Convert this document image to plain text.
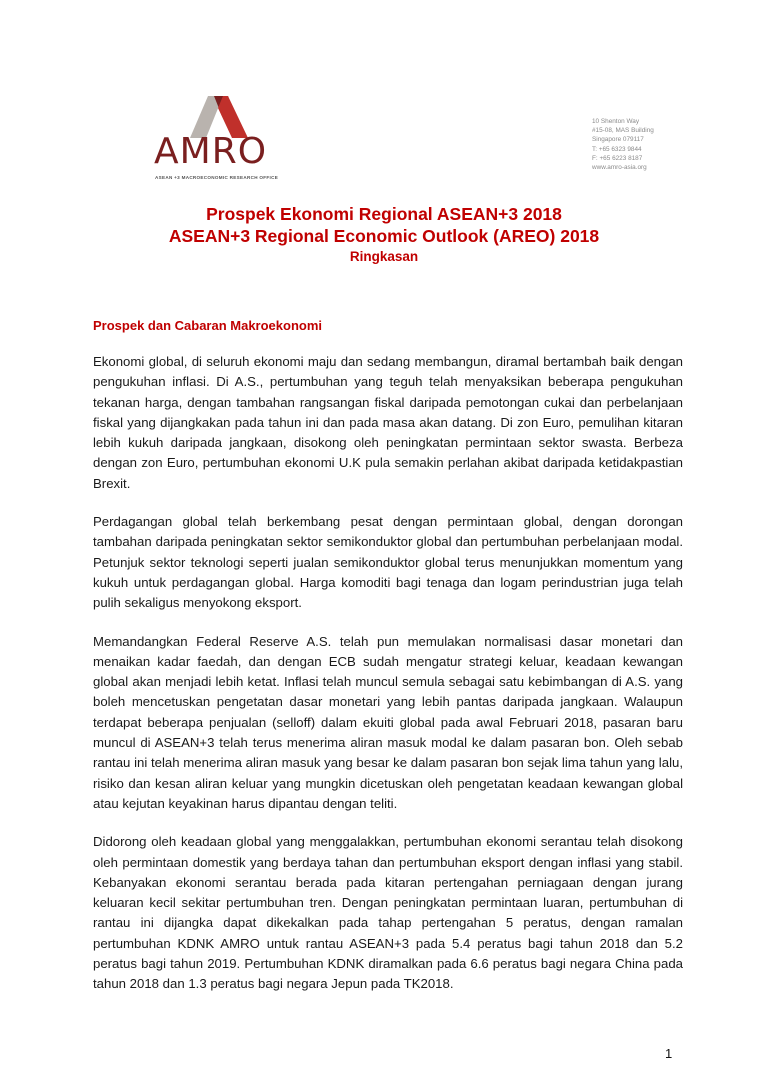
AMRO
ASEAN +3 MACROECONOMIC RESEARCH OFFICE
10 Shenton Way
#15-08, MAS Building
Singapore 079117
T: +65 6323 9844
F: +65 6223 8187
www.amro-asia.org
Prospek Ekonomi Regional ASEAN+3 2018
ASEAN+3 Regional Economic Outlook (AREO) 2018
Ringkasan
Prospek dan Cabaran Makroekonomi

Ekonomi global, di seluruh ekonomi maju dan sedang membangun, diramal bertambah baik dengan pengukuhan inflasi. Di A.S., pertumbuhan yang teguh telah menyaksikan beberapa pengukuhan tekanan harga, dengan tambahan rangsangan fiskal daripada pemotongan cukai dan perbelanjaan fiskal yang dijangkakan pada tahun ini dan pada masa akan datang. Di zon Euro, pemulihan kitaran lebih kukuh daripada jangkaan, disokong oleh peningkatan permintaan sektor swasta. Berbeza dengan zon Euro, pertumbuhan ekonomi U.K pula semakin perlahan akibat daripada ketidakpastian Brexit.

Perdagangan global telah berkembang pesat dengan permintaan global, dengan dorongan tambahan daripada peningkatan sektor semikonduktor global dan pertumbuhan perbelanjaan modal. Petunjuk sektor teknologi seperti jualan semikonduktor global terus menunjukkan momentum yang kukuh untuk perdagangan global. Harga komoditi bagi tenaga dan logam perindustrian juga telah pulih sekaligus menyokong eksport.

Memandangkan Federal Reserve A.S. telah pun memulakan normalisasi dasar monetari dan menaikan kadar faedah, dan dengan ECB sudah mengatur strategi keluar, keadaan kewangan global akan menjadi lebih ketat. Inflasi telah muncul semula sebagai satu kebimbangan di A.S. yang boleh mencetuskan pengetatan dasar monetari yang lebih pantas daripada jangkaan. Walaupun terdapat beberapa penjualan (selloff) dalam ekuiti global pada awal Februari 2018, pasaran baru muncul di ASEAN+3 telah terus menerima aliran masuk modal ke dalam pasaran bon. Oleh sebab rantau ini telah menerima aliran masuk yang besar ke dalam pasaran bon sejak lima tahun yang lalu, risiko dan kesan aliran keluar yang mungkin dicetuskan oleh pengetatan keadaan kewangan global atau kejutan keyakinan harus dipantau dengan teliti.

Didorong oleh keadaan global yang menggalakkan, pertumbuhan ekonomi serantau telah disokong oleh permintaan domestik yang berdaya tahan dan pertumbuhan eksport dengan inflasi yang stabil. Kebanyakan ekonomi serantau berada pada kitaran pertengahan perniagaan dengan jurang keluaran kecil sekitar pertumbuhan tren. Dengan peningkatan permintaan luaran, pertumbuhan di rantau ini dijangka dapat dikekalkan pada tahap pertengahan 5 peratus, dengan ramalan pertumbuhan KDNK AMRO untuk rantau ASEAN+3 pada 5.4 peratus bagi tahun 2018 dan 5.2 peratus bagi tahun 2019. Pertumbuhan KDNK diramalkan pada 6.6 peratus bagi negara China pada tahun 2018 dan 1.3 peratus bagi negara Jepun pada TK2018.

1
